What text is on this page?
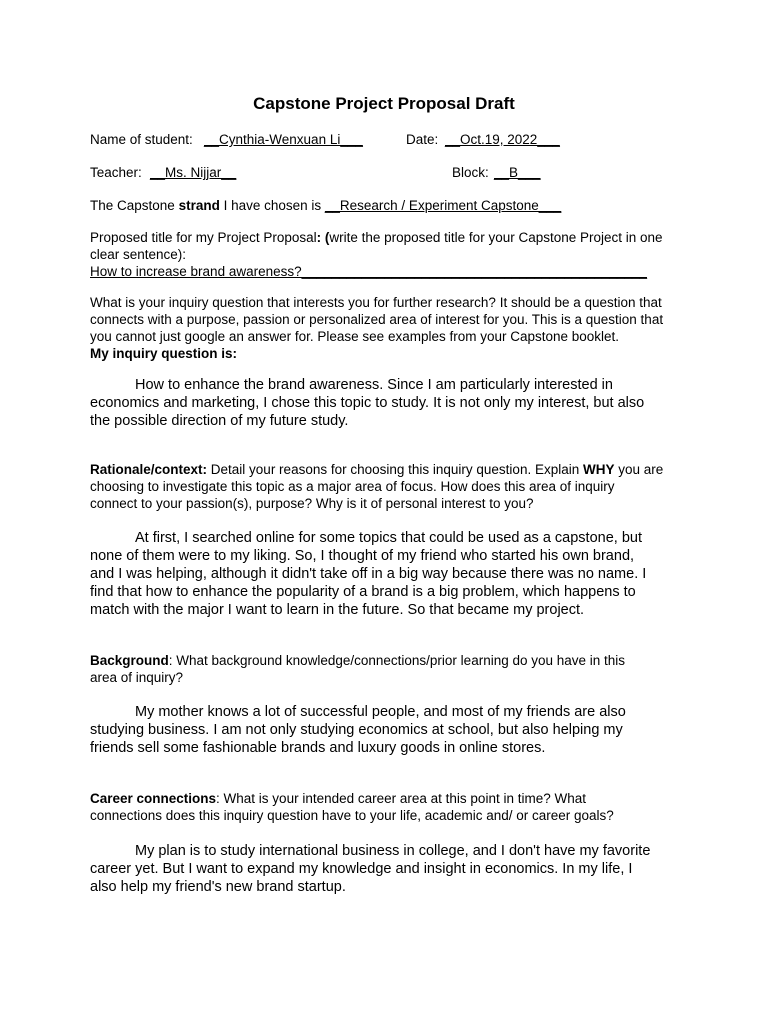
Capstone Project Proposal Draft
Name of student: __Cynthia-Wenxuan Li___	Date: __Oct.19, 2022___
Teacher: __Ms. Nijjar__	Block: __B___
The Capstone strand I have chosen is __Research / Experiment Capstone___
Proposed title for my Project Proposal: (write the proposed title for your Capstone Project in one
clear sentence):
How to increase brand awareness?______________________________________________
What is your inquiry question that interests you for further research? It should be a question that
connects with a purpose, passion or personalized area of interest for you. This is a question that
you cannot just google an answer for. Please see examples from your Capstone booklet.
My inquiry question is:
How to enhance the brand awareness. Since I am particularly interested in
economics and marketing, I chose this topic to study. It is not only my interest, but also
the possible direction of my future study.
Rationale/context: Detail your reasons for choosing this inquiry question. Explain WHY you are
choosing to investigate this topic as a major area of focus. How does this area of inquiry
connect to your passion(s), purpose? Why is it of personal interest to you?
At first, I searched online for some topics that could be used as a capstone, but
none of them were to my liking. So, I thought of my friend who started his own brand,
and I was helping, although it didn't take off in a big way because there was no name. I
find that how to enhance the popularity of a brand is a big problem, which happens to
match with the major I want to learn in the future. So that became my project.
Background: What background knowledge/connections/prior learning do you have in this
area of inquiry?
My mother knows a lot of successful people, and most of my friends are also
studying business. I am not only studying economics at school, but also helping my
friends sell some fashionable brands and luxury goods in online stores.
Career connections: What is your intended career area at this point in time? What
connections does this inquiry question have to your life, academic and/ or career goals?
My plan is to study international business in college, and I don't have my favorite
career yet. But I want to expand my knowledge and insight in economics. In my life, I
also help my friend's new brand startup.
